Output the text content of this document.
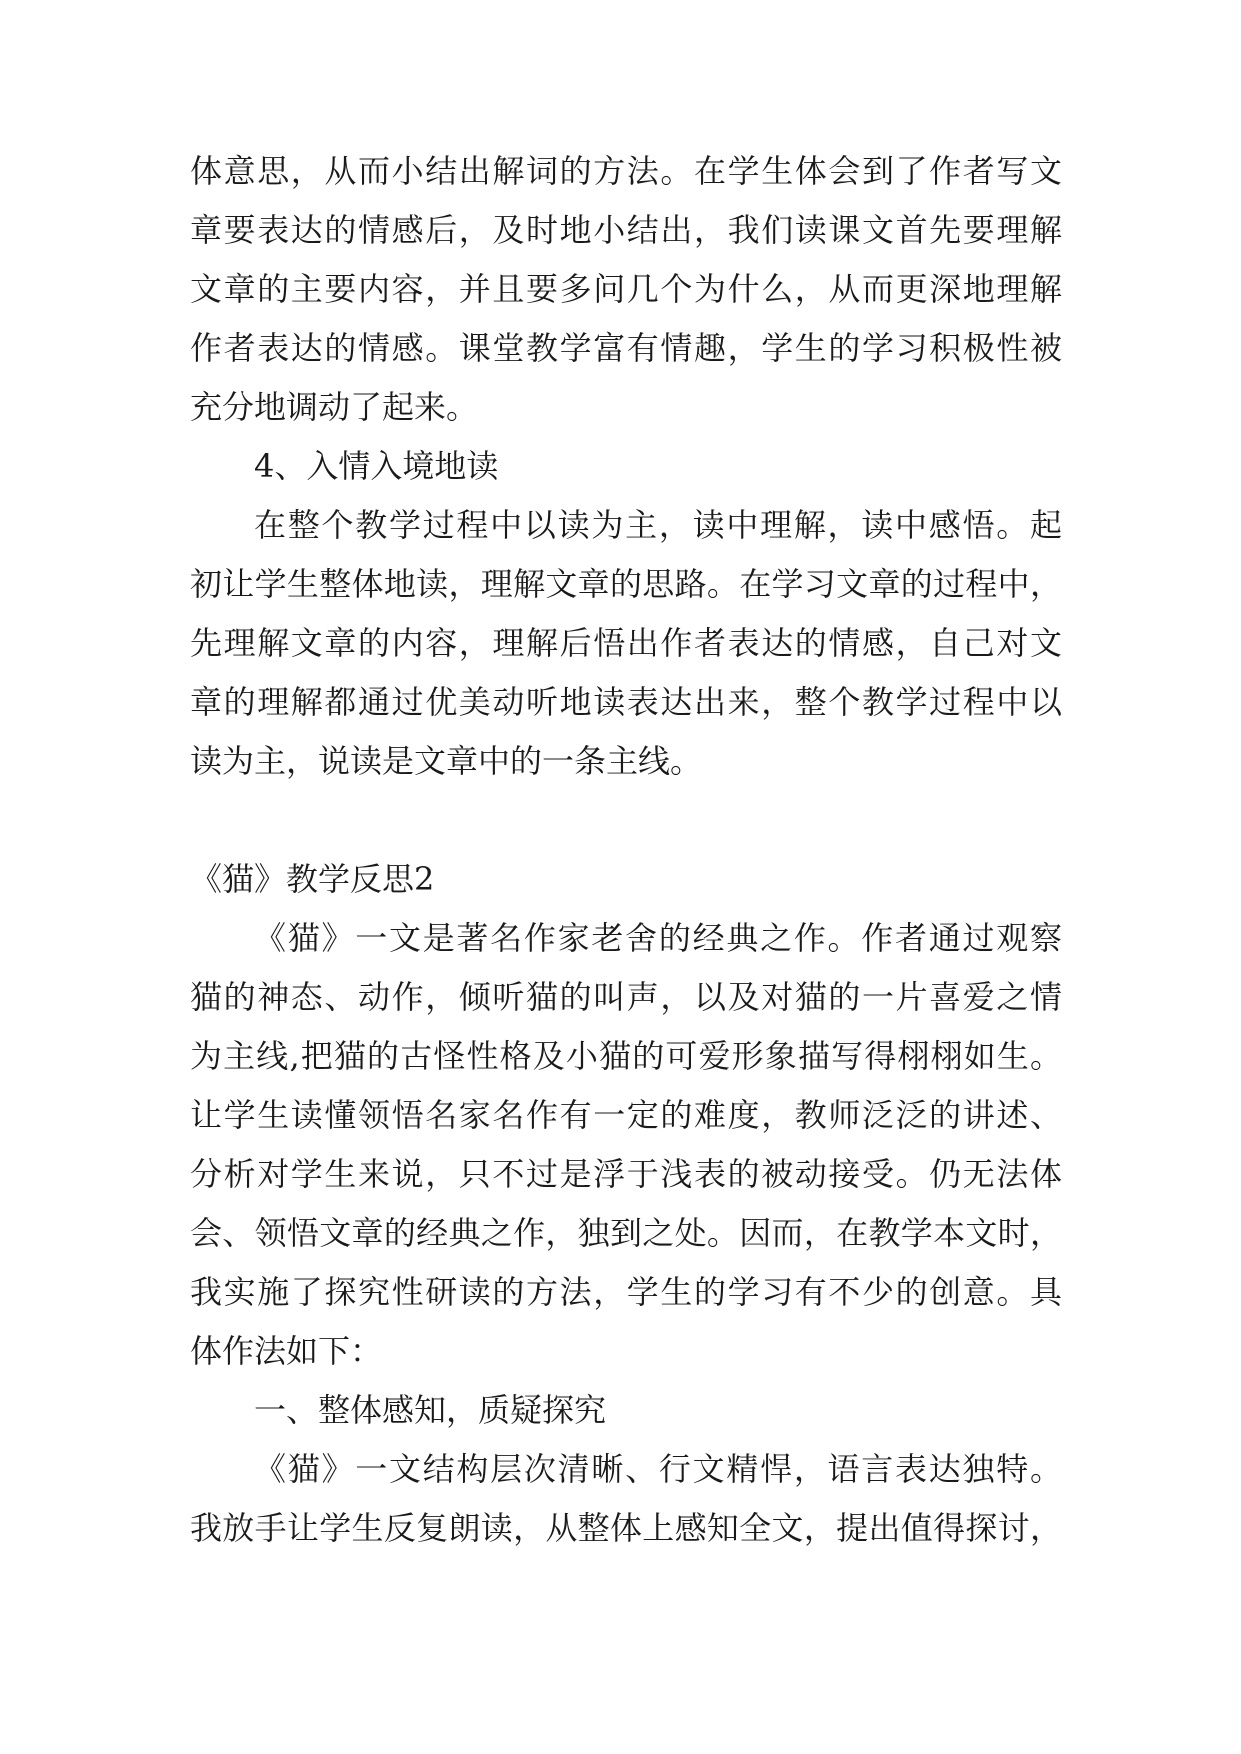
体意思，从而小结出解词的方法。在学生体会到了作者写文
章要表达的情感后，及时地小结出，我们读课文首先要理解
文章的主要内容，并且要多问几个为什么，从而更深地理解
作者表达的情感。课堂教学富有情趣，学生的学习积极性被
充分地调动了起来。
4、入情入境地读
在整个教学过程中以读为主，读中理解，读中感悟。起
初让学生整体地读，理解文章的思路。在学习文章的过程中，
先理解文章的内容，理解后悟出作者表达的情感，自己对文
章的理解都通过优美动听地读表达出来，整个教学过程中以
读为主，说读是文章中的一条主线。
《猫》教学反思2
《猫》一文是著名作家老舍的经典之作。作者通过观察
猫的神态、动作，倾听猫的叫声，以及对猫的一片喜爱之情
为主线,把猫的古怪性格及小猫的可爱形象描写得栩栩如生。
让学生读懂领悟名家名作有一定的难度，教师泛泛的讲述、
分析对学生来说，只不过是浮于浅表的被动接受。仍无法体
会、领悟文章的经典之作，独到之处。因而，在教学本文时，
我实施了探究性研读的方法，学生的学习有不少的创意。具
体作法如下：
一、整体感知，质疑探究
《猫》一文结构层次清晰、行文精悍，语言表达独特。
我放手让学生反复朗读，从整体上感知全文，提出值得探讨，
